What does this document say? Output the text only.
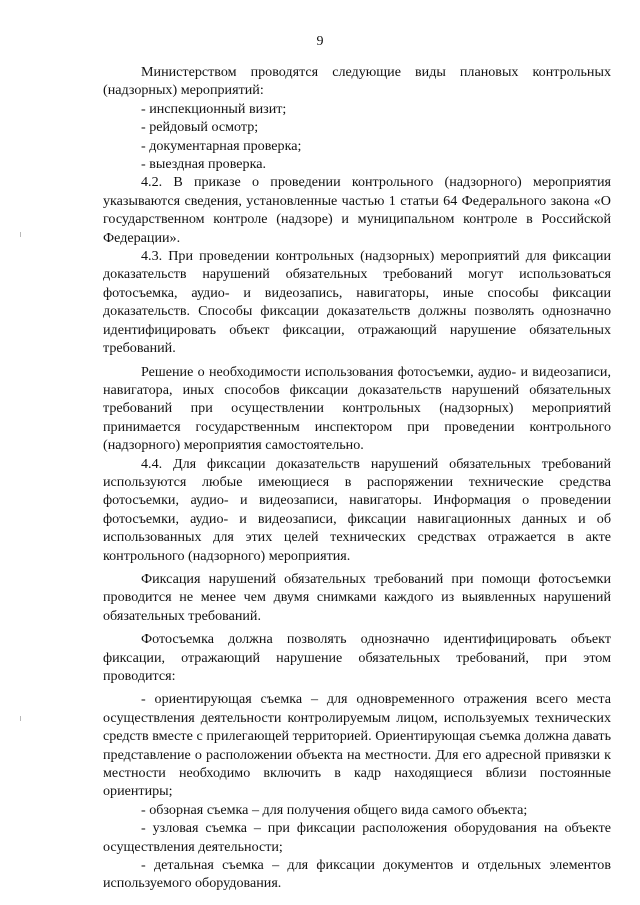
9

Министерством проводятся следующие виды плановых контрольных (надзорных) мероприятий:

- инспекционный визит;

- рейдовый осмотр;

- документарная проверка;

- выездная проверка.

4.2. В приказе о проведении контрольного (надзорного) мероприятия указываются сведения, установленные частью 1 статьи 64 Федерального закона «О государственном контроле (надзоре) и муниципальном контроле в Российской Федерации».

4.3. При проведении контрольных (надзорных) мероприятий для фиксации доказательств нарушений обязательных требований могут использоваться фотосъемка, аудио- и видеозапись, навигаторы, иные способы фиксации доказательств. Способы фиксации доказательств должны позволять однозначно идентифицировать объект фиксации, отражающий нарушение обязательных требований.

Решение о необходимости использования фотосъемки, аудио- и видеозаписи, навигатора, иных способов фиксации доказательств нарушений обязательных требований при осуществлении контрольных (надзорных) мероприятий принимается государственным инспектором при проведении контрольного (надзорного) мероприятия самостоятельно.

4.4. Для фиксации доказательств нарушений обязательных требований используются любые имеющиеся в распоряжении технические средства фотосъемки, аудио- и видеозаписи, навигаторы. Информация о проведении фотосъемки, аудио- и видеозаписи, фиксации навигационных данных и об использованных для этих целей технических средствах отражается в акте контрольного (надзорного) мероприятия.

Фиксация нарушений обязательных требований при помощи фотосъемки проводится не менее чем двумя снимками каждого из выявленных нарушений обязательных требований.

Фотосъемка должна позволять однозначно идентифицировать объект фиксации, отражающий нарушение обязательных требований, при этом проводится:

- ориентирующая съемка – для одновременного отражения всего места осуществления деятельности контролируемым лицом, используемых технических средств вместе с прилегающей территорией. Ориентирующая съемка должна давать представление о расположении объекта на местности. Для его адресной привязки к местности необходимо включить в кадр находящиеся вблизи постоянные ориентиры;

- обзорная съемка – для получения общего вида самого объекта;

- узловая съемка – при фиксации расположения оборудования на объекте осуществления деятельности;

- детальная съемка – для фиксации документов и отдельных элементов используемого оборудования.
